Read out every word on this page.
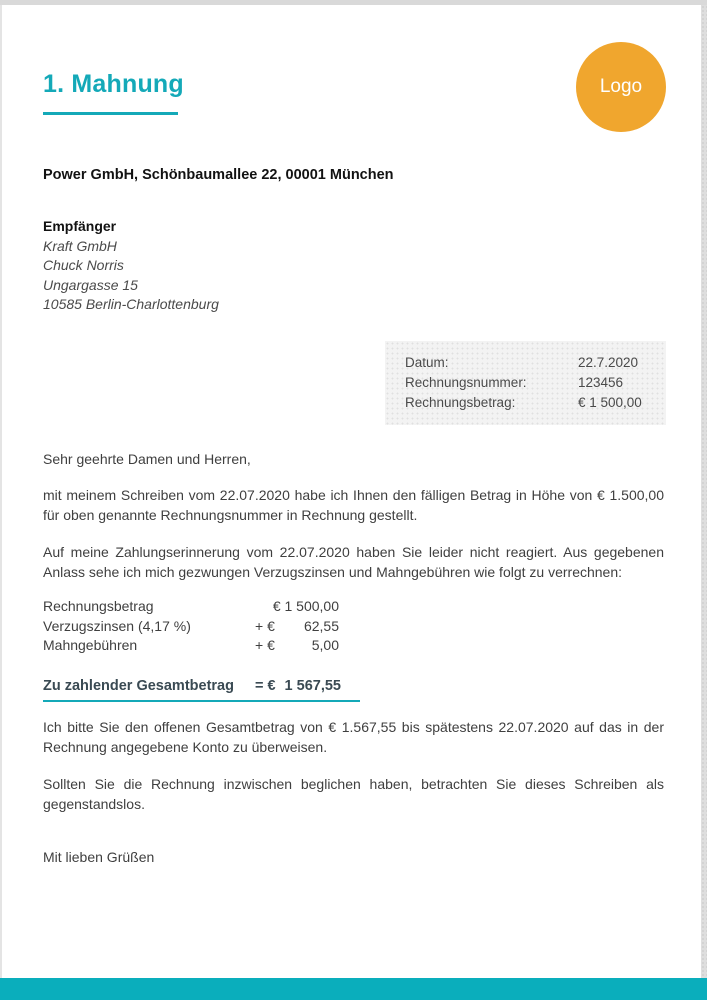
1. Mahnung	Logo
Power GmbH, Schönbaumallee 22, 00001 München
Empfänger
Kraft GmbH
Chuck Norris
Ungargasse 15
10585 Berlin-Charlottenburg
Datum:	22.7.2020
Rechnungsnummer:	123456
Rechnungsbetrag:	€ 1 500,00
Sehr geehrte Damen und Herren,
mit meinem Schreiben vom 22.07.2020 habe ich Ihnen den fälligen Betrag in Höhe von € 1.500,00 für oben genannte Rechnungsnummer in Rechnung gestellt.
Auf meine Zahlungserinnerung vom 22.07.2020 haben Sie leider nicht reagiert. Aus gegebenen Anlass sehe ich mich gezwungen Verzugszinsen und Mahngebühren wie folgt zu verrechnen:
Rechnungsbetrag	€ 1 500,00
Verzugszinsen (4,17 %)	+ € 62,55
Mahngebühren	+ €	5,00
Zu zahlender Gesamtbetrag	= € 1 567,55
Ich bitte Sie den offenen Gesamtbetrag von € 1.567,55 bis spätestens 22.07.2020 auf das in der Rechnung angegebene Konto zu überweisen.
Sollten Sie die Rechnung inzwischen beglichen haben, betrachten Sie dieses Schreiben als gegenstandslos.
Mit lieben Grüßen
